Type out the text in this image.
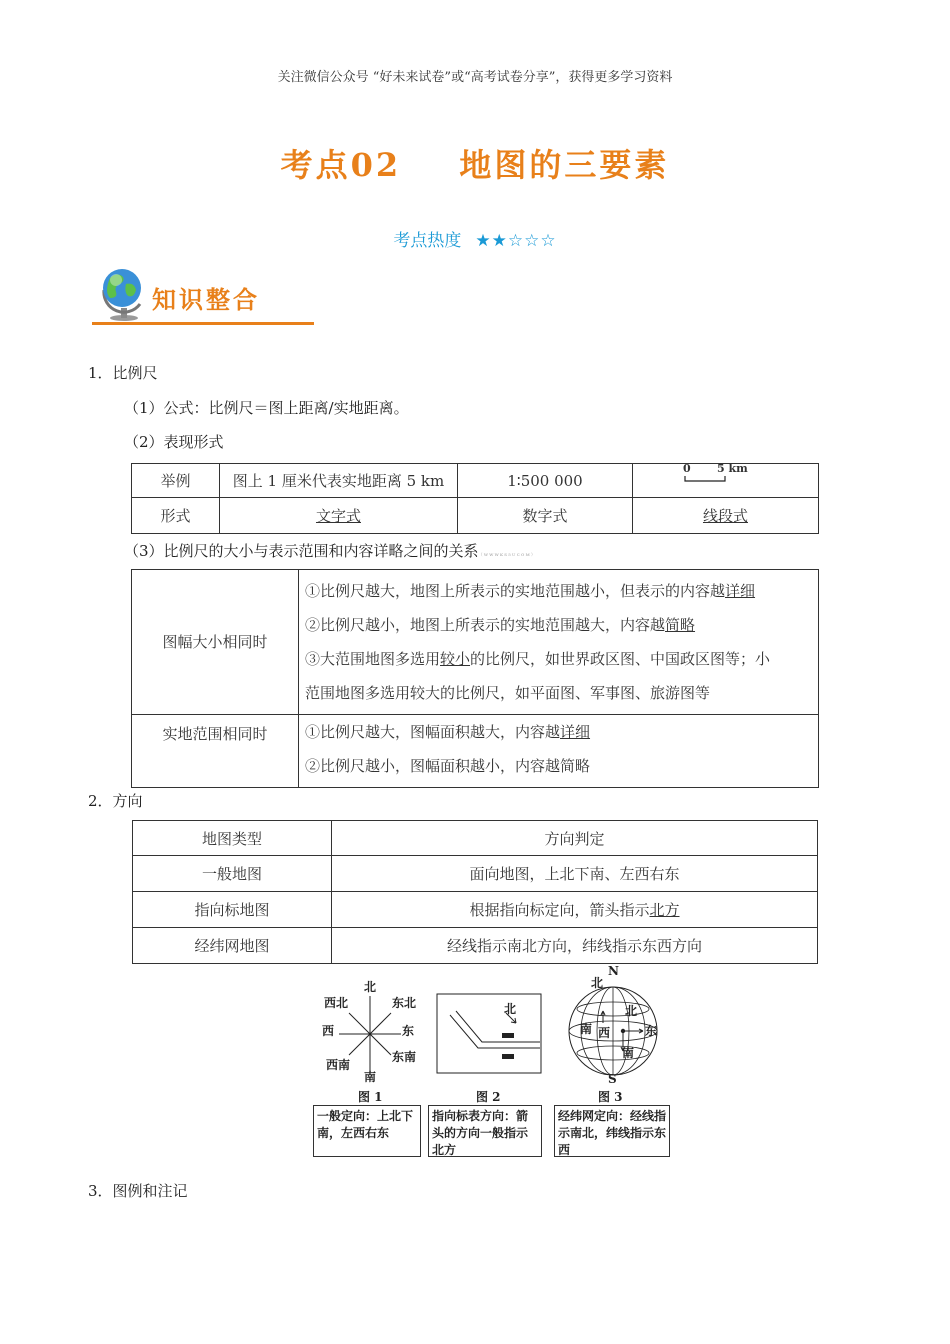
关注微信公众号 “好未来试卷”或“高考试卷分享”，获得更多学习资料
考点02 地图的三要素
考点热度 ★★☆☆☆
知识整合
1．比例尺
（1）公式：比例尺＝图上距离/实地距离。
（2）表现形式
举例	图上 1 厘米代表实地距离 5 km	1∶500 000	0 5 km

形式	文字式	数字式	线段式
（3）比例尺的大小与表示范围和内容详略之间的关系（ W W W K S 5 U C O M ）
图幅大小相同时	①比例尺越大，地图上所表示的实地范围越小，但表示的内容越详细
②比例尺越小，地图上所表示的实地范围越大，内容越简略
③大范围地图多选用较小的比例尺，如世界政区图、中国政区图等；小
范围地图多选用较大的比例尺，如平面图、军事图、旅游图等

实地范围相同时	①比例尺越大，图幅面积越大，内容越详细
②比例尺越小，图幅面积越小，内容越简略
2．方向
地图类型	方向判定
一般地图	面向地图，上北下南、左西右东
指向标地图	根据指向标定向，箭头指示北方
经纬网地图	经线指示南北方向，纬线指示东西方向
北
南
东
西
东北
西北
东南
西南
图 1
北
图 2
N
S
北
北
南 西	东
南
图 3
一般定向：上北下南，左西右东
指向标表方向：箭头的方向一般指示北方
经纬网定向：经线指示南北，纬线指示东西
3．图例和注记
